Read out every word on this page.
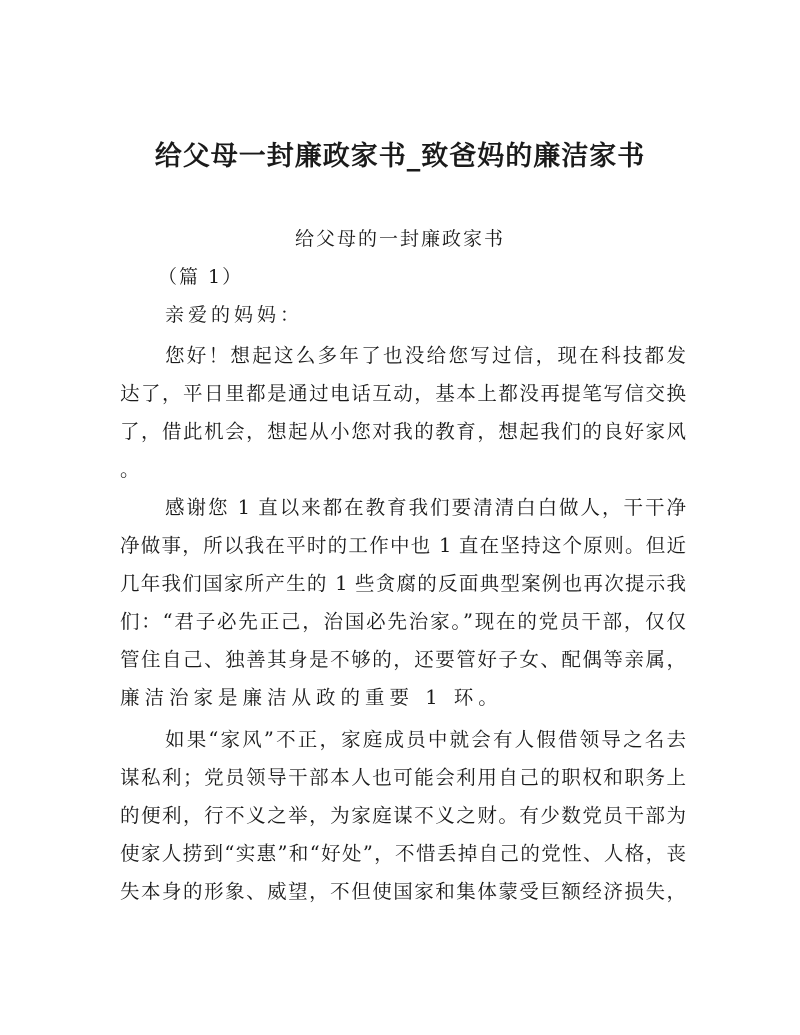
给父母一封廉政家书_致爸妈的廉洁家书
给父母的一封廉政家书
（篇 1）
亲爱的妈妈：
您好！想起这么多年了也没给您写过信，现在科技都发
达了，平日里都是通过电话互动，基本上都没再提笔写信交换
了，借此机会，想起从小您对我的教育，想起我们的良好家风
。
感谢您 1 直以来都在教育我们要清清白白做人，干干净
净做事，所以我在平时的工作中也 1 直在坚持这个原则。但近
几年我们国家所产生的 1 些贪腐的反面典型案例也再次提示我
们：“君子必先正己，治国必先治家。”现在的党员干部，仅仅
管住自己、独善其身是不够的，还要管好子女、配偶等亲属，
廉洁治家是廉洁从政的重要 1 环。
如果“家风”不正，家庭成员中就会有人假借领导之名去
谋私利；党员领导干部本人也可能会利用自己的职权和职务上
的便利，行不义之举，为家庭谋不义之财。有少数党员干部为
使家人捞到“实惠”和“好处”，不惜丢掉自己的党性、人格，丧
失本身的形象、威望，不但使国家和集体蒙受巨额经济损失，
